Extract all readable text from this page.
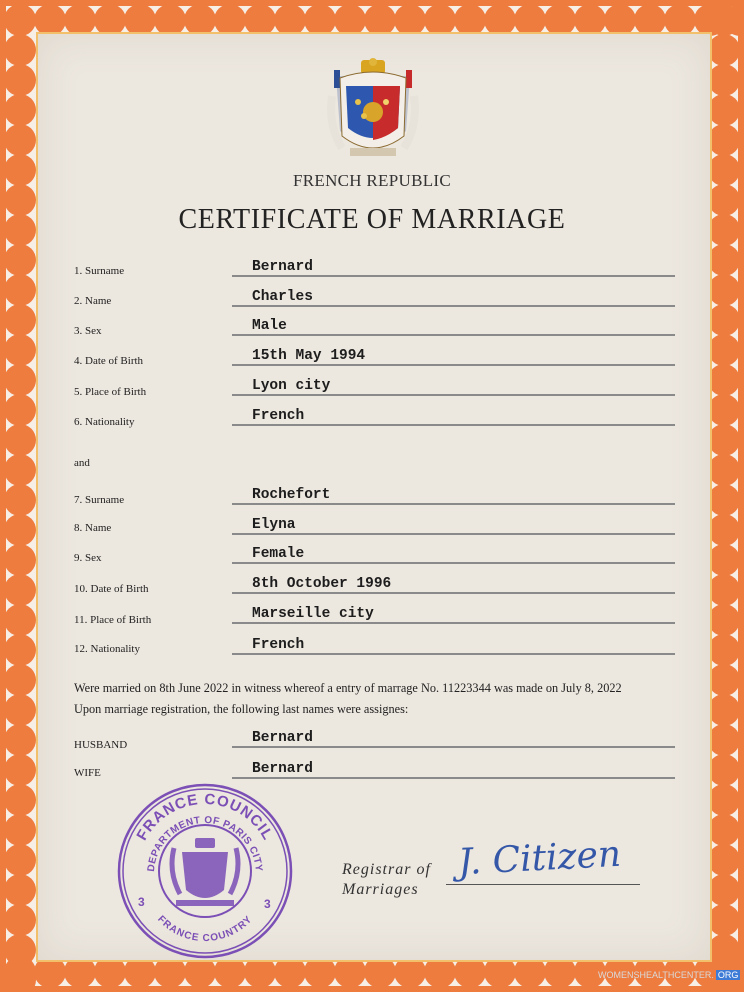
FRENCH REPUBLIC
CERTIFICATE OF MARRIAGE
1. Surname	Bernard
2. Name	Charles
3. Sex	Male
4. Date of Birth	15th May 1994
5. Place of Birth	Lyon city
6. Nationality	French
and
7. Surname	Rochefort
8. Name	Elyna
9. Sex	Female
10. Date of Birth	8th October 1996
11. Place of Birth	Marseille city
12. Nationality	French
Were married on 8th June 2022 in witness whereof a entry of marrage No. 11223344 was made on July 8, 2022
Upon marriage registration, the following last names were assignes:
HUSBAND	Bernard
WIFE	Bernard
FRANCE COUNCIL
DEPARTMENT OF PARIS CITY
FRANCE COUNTRY
3	3
Registrar of
Marriages
J. Citizen
WOMENSHEALTHCENTER. ORG
